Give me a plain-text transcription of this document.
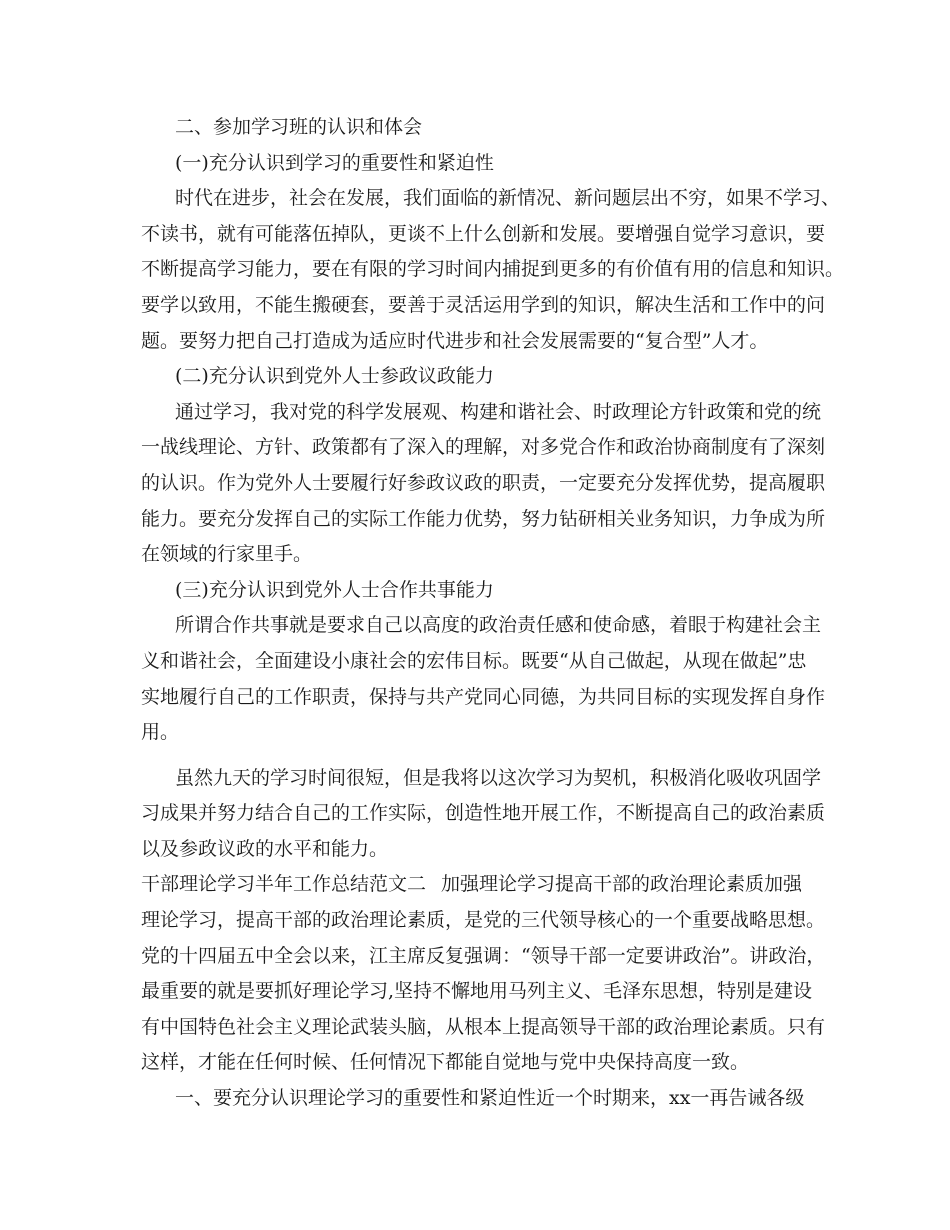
二、参加学习班的认识和体会

(一)充分认识到学习的重要性和紧迫性

时代在进步，社会在发展，我们面临的新情况、新问题层出不穷，如果不学习、

不读书，就有可能落伍掉队，更谈不上什么创新和发展。要增强自觉学习意识，要

不断提高学习能力，要在有限的学习时间内捕捉到更多的有价值有用的信息和知识。

要学以致用，不能生搬硬套，要善于灵活运用学到的知识，解决生活和工作中的问

题。要努力把自己打造成为适应时代进步和社会发展需要的“复合型”人才。

(二)充分认识到党外人士参政议政能力

通过学习，我对党的科学发展观、构建和谐社会、时政理论方针政策和党的统

一战线理论、方针、政策都有了深入的理解，对多党合作和政治协商制度有了深刻

的认识。作为党外人士要履行好参政议政的职责，一定要充分发挥优势，提高履职

能力。要充分发挥自己的实际工作能力优势，努力钻研相关业务知识，力争成为所

在领域的行家里手。

(三)充分认识到党外人士合作共事能力

所谓合作共事就是要求自己以高度的政治责任感和使命感，着眼于构建社会主

义和谐社会，全面建设小康社会的宏伟目标。既要“从自己做起，从现在做起”忠

实地履行自己的工作职责，保持与共产党同心同德，为共同目标的实现发挥自身作

用。

虽然九天的学习时间很短，但是我将以这次学习为契机，积极消化吸收巩固学

习成果并努力结合自己的工作实际，创造性地开展工作，不断提高自己的政治素质

以及参政议政的水平和能力。

干部理论学习半年工作总结范文二 加强理论学习提高干部的政治理论素质加强

理论学习，提高干部的政治理论素质，是党的三代领导核心的一个重要战略思想。

党的十四届五中全会以来，江主席反复强调：“领导干部一定要讲政治”。讲政治，

最重要的就是要抓好理论学习,坚持不懈地用马列主义、毛泽东思想，特别是建设

有中国特色社会主义理论武装头脑，从根本上提高领导干部的政治理论素质。只有

这样，才能在任何时候、任何情况下都能自觉地与党中央保持高度一致。

一、要充分认识理论学习的重要性和紧迫性近一个时期来，xx一再告诫各级
